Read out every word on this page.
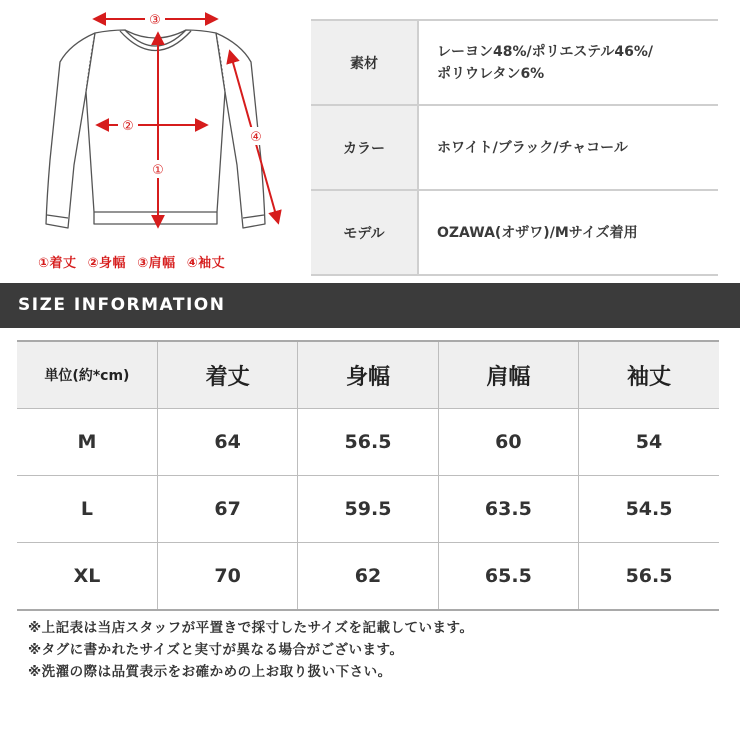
③
②
①
④
①着丈 ②身幅 ③肩幅 ④袖丈
素材	レーヨン48%/ポリエステル46%/
ポリウレタン6%

カラー	ホワイト/ブラック/チャコール

モデル	OZAWA(オザワ)/Mサイズ着用
SIZE INFORMATION
単位(約*cm)	着丈	身幅	肩幅	袖丈
M	64	56.5	60	54
L	67	59.5	63.5	54.5
XL	70	62	65.5	56.5
※上記表は当店スタッフが平置きで採寸したサイズを記載しています。
※タグに書かれたサイズと実寸が異なる場合がございます。
※洗濯の際は品質表示をお確かめの上お取り扱い下さい。
